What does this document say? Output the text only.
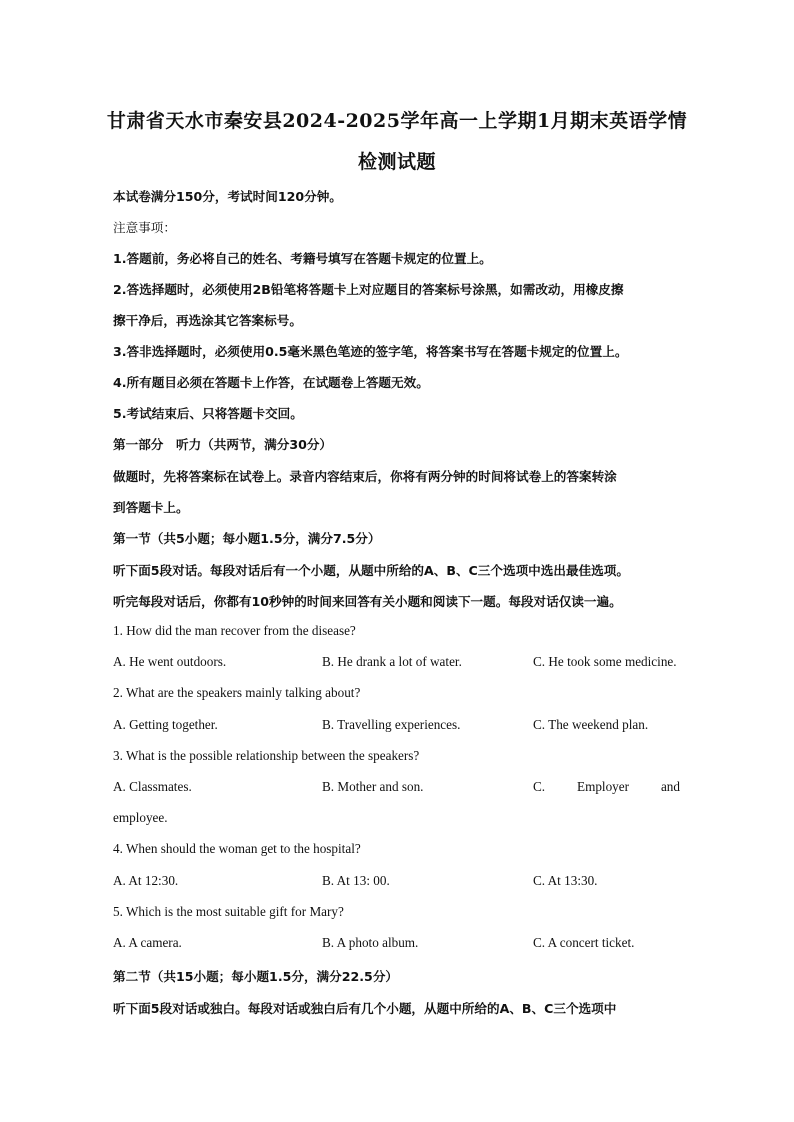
甘肃省天水市秦安县2024-2025学年高一上学期1月期末英语学情
检测试题
本试卷满分150分，考试时间120分钟。
注意事项：
1.答题前，务必将自己的姓名、考籍号填写在答题卡规定的位置上。
2.答选择题时，必须使用2B铅笔将答题卡上对应题目的答案标号涂黑，如需改动，用橡皮擦
擦干净后，再选涂其它答案标号。
3.答非选择题时，必须使用0.5毫米黑色笔迹的签字笔，将答案书写在答题卡规定的位置上。
4.所有题目必须在答题卡上作答，在试题卷上答题无效。
5.考试结束后、只将答题卡交回。
第一部分　听力（共两节，满分30分）
做题时，先将答案标在试卷上。录音内容结束后，你将有两分钟的时间将试卷上的答案转涂
到答题卡上。
第一节（共5小题；每小题1.5分，满分7.5分）
听下面5段对话。每段对话后有一个小题，从题中所给的A、B、C三个选项中选出最佳选项。
听完每段对话后，你都有10秒钟的时间来回答有关小题和阅读下一题。每段对话仅读一遍。
1. How did the man recover from the disease?
A. He went outdoors.	B. He drank a lot of water.	C. He took some medicine.
2. What are the speakers mainly talking about?
A. Getting together.	B. Travelling experiences.	C. The weekend plan.
3. What is the possible relationship between the speakers?
A. Classmates.	B. Mother and son.	C. Employer and
employee.
4. When should the woman get to the hospital?
A. At 12:30.	B. At 13: 00.	C. At 13:30.
5. Which is the most suitable gift for Mary?
A. A camera.	B. A photo album.	C. A concert ticket.
第二节（共15小题；每小题1.5分，满分22.5分）
听下面5段对话或独白。每段对话或独白后有几个小题，从题中所给的A、B、C三个选项中
